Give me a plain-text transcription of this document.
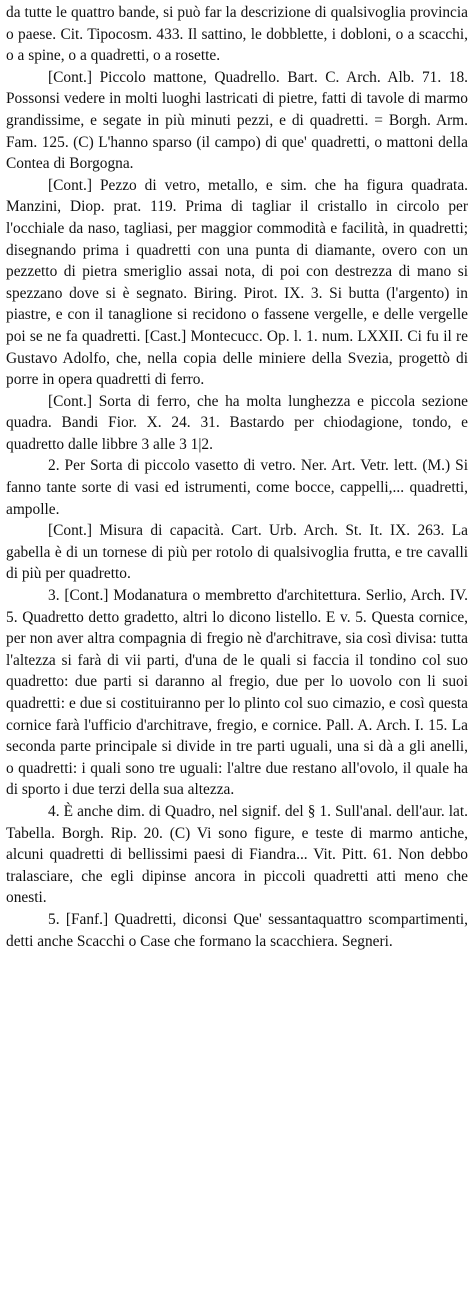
da tutte le quattro bande, si può far la descrizione di qualsivoglia provincia o paese. Cit. Tipocosm. 433. Il sattino, le dobblette, i dobloni, o a scacchi, o a spine, o a quadretti, o a rosette.

[Cont.] Piccolo mattone, Quadrello. Bart. C. Arch. Alb. 71. 18. Possonsi vedere in molti luoghi lastricati di pietre, fatti di tavole di marmo grandissime, e segate in più minuti pezzi, e di quadretti. = Borgh. Arm. Fam. 125. (C) L'hanno sparso (il campo) di que' quadretti, o mattoni della Contea di Borgogna.

[Cont.] Pezzo di vetro, metallo, e sim. che ha figura quadrata. Manzini, Diop. prat. 119. Prima di tagliar il cristallo in circolo per l'occhiale da naso, tagliasi, per maggior commodità e facilità, in quadretti; disegnando prima i quadretti con una punta di diamante, overo con un pezzetto di pietra smeriglio assai nota, di poi con destrezza di mano si spezzano dove si è segnato. Biring. Pirot. IX. 3. Si butta (l'argento) in piastre, e con il tanaglione si recidono o fassene vergelle, e delle vergelle poi se ne fa quadretti. [Cast.] Montecucc. Op. l. 1. num. LXXII. Ci fu il re Gustavo Adolfo, che, nella copia delle miniere della Svezia, progettò di porre in opera quadretti di ferro.

[Cont.] Sorta di ferro, che ha molta lunghezza e piccola sezione quadra. Bandi Fior. X. 24. 31. Bastardo per chiodagione, tondo, e quadretto dalle libbre 3 alle 3 1|2.

2. Per Sorta di piccolo vasetto di vetro. Ner. Art. Vetr. lett. (M.) Si fanno tante sorte di vasi ed istrumenti, come bocce, cappelli,... quadretti, ampolle.

[Cont.] Misura di capacità. Cart. Urb. Arch. St. It. IX. 263. La gabella è di un tornese di più per rotolo di qualsivoglia frutta, e tre cavalli di più per quadretto.

3. [Cont.] Modanatura o membretto d'architettura. Serlio, Arch. IV. 5. Quadretto detto gradetto, altri lo dicono listello. E v. 5. Questa cornice, per non aver altra compagnia di fregio nè d'architrave, sia così divisa: tutta l'altezza si farà di vii parti, d'una de le quali si faccia il tondino col suo quadretto: due parti si daranno al fregio, due per lo uovolo con li suoi quadretti: e due si costituiranno per lo plinto col suo cimazio, e così questa cornice farà l'ufficio d'architrave, fregio, e cornice. Pall. A. Arch. I. 15. La seconda parte principale si divide in tre parti uguali, una si dà a gli anelli, o quadretti: i quali sono tre uguali: l'altre due restano all'ovolo, il quale ha di sporto i due terzi della sua altezza.

4. È anche dim. di Quadro, nel signif. del § 1. Sull'anal. dell'aur. lat. Tabella. Borgh. Rip. 20. (C) Vi sono figure, e teste di marmo antiche, alcuni quadretti di bellissimi paesi di Fiandra... Vit. Pitt. 61. Non debbo tralasciare, che egli dipinse ancora in piccoli quadretti atti meno che onesti.

5. [Fanf.] Quadretti, diconsi Que' sessantaquattro scompartimenti, detti anche Scacchi o Case che formano la scacchiera. Segneri.
